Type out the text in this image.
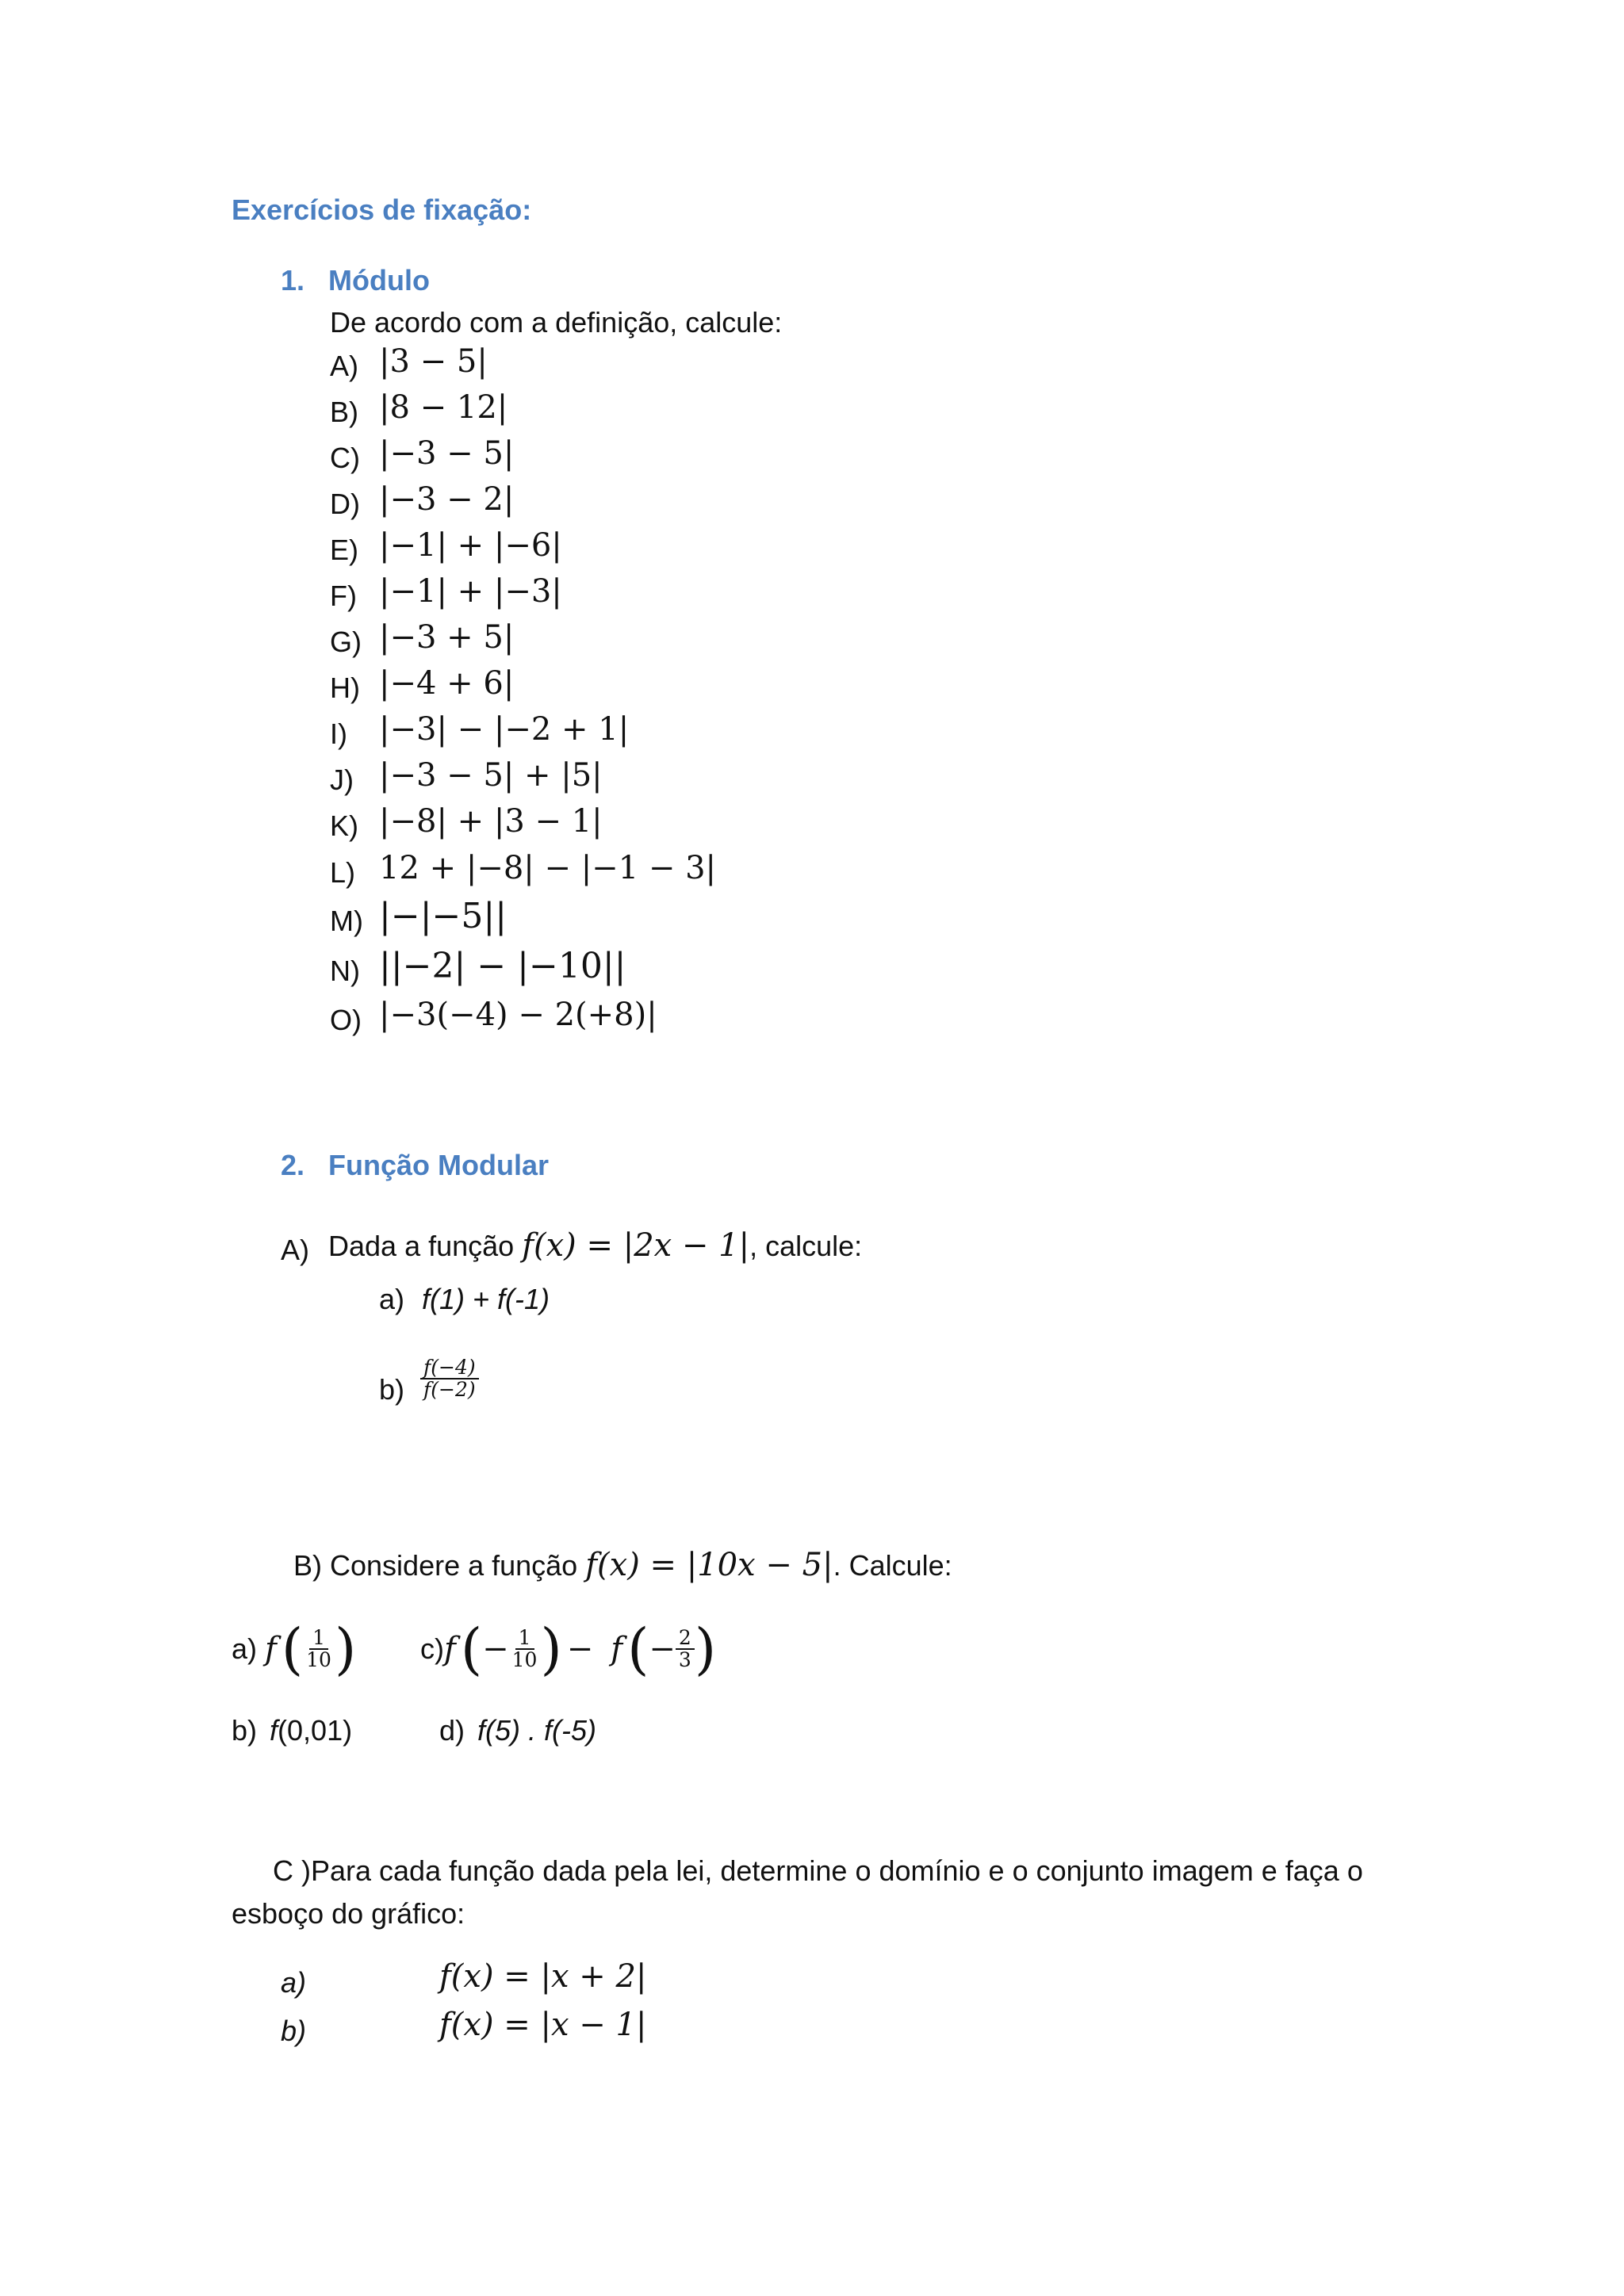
Exercícios de fixação:
1. Módulo
De acordo com a definição, calcule:
A) |3 − 5|
B) |8 − 12|
C) |−3 − 5|
D) |−3 − 2|
E) |−1| + |−6|
F) |−1| + |−3|
G) |−3 + 5|
H) |−4 + 6|
I) |−3| − |−2 + 1|
J) |−3 − 5| + |5|
K) |−8| + |3 − 1|
L) 12 + |−8| − |−1 − 3|
M) |−|−5||
N) ||−2| − |−10||
O) |−3(−4) − 2(+8)|
2. Função Modular
A) Dada a função f(x) = |2x − 1|, calcule:
a) f(1) + f(-1)
$b) \frac{f(-4)}{f(-2)}$
B) Considere a função f(x) = |10x − 5|. Calcule:
a) f ( $\frac{1}{10}$ ) c) f ( − $\frac{1}{10}$ ) − f ( − $\frac{2}{3}$ )
b) f(0,01)	d) f(5) . f(-5)
C )Para cada função dada pela lei, determine o domínio e o conjunto imagem e faça o
esboço do gráfico:
a)	f(x) = |x + 2|
b)	f(x) = |x − 1|
